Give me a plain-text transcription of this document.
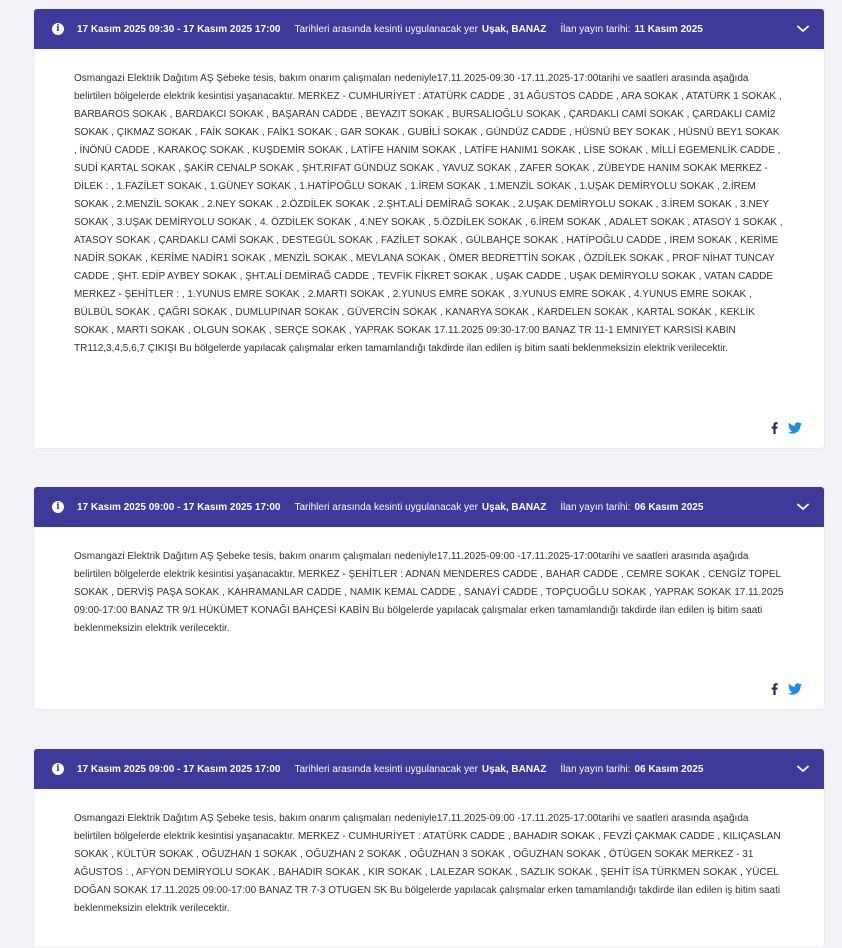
i	17 Kasım 2025 09:30 - 17 Kasım 2025 17:00 Tarihleri arasında kesinti uygulanacak yer Uşak, BANAZ İlan yayın tarihi: 11 Kasım 2025

Osmangazi Elektrik Dağıtım AŞ Şebeke tesis, bakım onarım çalışmaları nedeniyle17.11.2025-09:30 -17.11.2025-17:00tarihi ve saatleri arasında aşağıda belirtilen bölgelerde elektrik kesintisi yaşanacaktır. MERKEZ - CUMHURİYET : ATATÜRK CADDE , 31 AĞUSTOS CADDE , ARA SOKAK , ATATÜRK 1 SOKAK , BARBAROS SOKAK , BARDAKCI SOKAK , BAŞARAN CADDE , BEYAZIT SOKAK , BURSALIOĞLU SOKAK , ÇARDAKLI CAMİ SOKAK , ÇARDAKLI CAMİ2 SOKAK , ÇIKMAZ SOKAK , FAİK SOKAK , FAİK1 SOKAK , GAR SOKAK , GUBİLİ SOKAK , GÜNDÜZ CADDE , HÜSNÜ BEY SOKAK , HÜSNÜ BEY1 SOKAK , İNÖNÜ CADDE , KARAKOÇ SOKAK , KUŞDEMİR SOKAK , LATİFE HANIM SOKAK , LATİFE HANIM1 SOKAK , LİSE SOKAK , MİLLİ EGEMENLİK CADDE , SUDİ KARTAL SOKAK , ŞAKİR CENALP SOKAK , ŞHT.RIFAT GÜNDÜZ SOKAK , YAVUZ SOKAK , ZAFER SOKAK , ZÜBEYDE HANIM SOKAK MERKEZ - DİLEK : , 1.FAZİLET SOKAK , 1.GÜNEY SOKAK , 1.HATİPOĞLU SOKAK , 1.İREM SOKAK , 1.MENZİL SOKAK , 1.UŞAK DEMİRYOLU SOKAK , 2.İREM SOKAK , 2.MENZİL SOKAK , 2.NEY SOKAK , 2.ÖZDİLEK SOKAK , 2.ŞHT.ALİ DEMİRAĞ SOKAK , 2.UŞAK DEMİRYOLU SOKAK , 3.İREM SOKAK , 3.NEY SOKAK , 3.UŞAK DEMİRYOLU SOKAK , 4. ÖZDİLEK SOKAK , 4.NEY SOKAK , 5.ÖZDİLEK SOKAK , 6.İREM SOKAK , ADALET SOKAK , ATASOY 1 SOKAK , ATASOY SOKAK , ÇARDAKLI CAMİ SOKAK , DESTEGÜL SOKAK , FAZİLET SOKAK , GÜLBAHÇE SOKAK , HATİPOĞLU CADDE , İREM SOKAK , KERİME NADİR SOKAK , KERİME NADİR1 SOKAK , MENZİL SOKAK , MEVLANA SOKAK , ÖMER BEDRETTİN SOKAK , ÖZDİLEK SOKAK , PROF NİHAT TUNCAY CADDE , ŞHT. EDİP AYBEY SOKAK , ŞHT.ALİ DEMİRAĞ CADDE , TEVFİK FİKRET SOKAK , UŞAK CADDE , UŞAK DEMİRYOLU SOKAK , VATAN CADDE MERKEZ - ŞEHİTLER : , 1.YUNUS EMRE SOKAK , 2.MARTI SOKAK , 2.YUNUS EMRE SOKAK , 3.YUNUS EMRE SOKAK , 4.YUNUS EMRE SOKAK , BÜLBÜL SOKAK , ÇAĞRI SOKAK , DUMLUPINAR SOKAK , GÜVERCİN SOKAK , KANARYA SOKAK , KARDELEN SOKAK , KARTAL SOKAK , KEKLİK SOKAK , MARTI SOKAK , OLGUN SOKAK , SERÇE SOKAK , YAPRAK SOKAK 17.11.2025 09:30-17:00 BANAZ TR 11-1 EMNIYET KARSISI KABIN TR112,3,4,5,6,7 ÇIKIŞI Bu bölgelerde yapılacak çalışmalar erken tamamlandığı takdirde ilan edilen iş bitim saati beklenmeksizin elektrik verilecektir.

i	17 Kasım 2025 09:00 - 17 Kasım 2025 17:00 Tarihleri arasında kesinti uygulanacak yer Uşak, BANAZ İlan yayın tarihi: 06 Kasım 2025

Osmangazi Elektrik Dağıtım AŞ Şebeke tesis, bakım onarım çalışmaları nedeniyle17.11.2025-09:00 -17.11.2025-17:00tarihi ve saatleri arasında aşağıda belirtilen bölgelerde elektrik kesintisi yaşanacaktır. MERKEZ - ŞEHİTLER : ADNAN MENDERES CADDE , BAHAR CADDE , CEMRE SOKAK , CENGİZ TOPEL SOKAK , DERVİŞ PAŞA SOKAK , KAHRAMANLAR CADDE , NAMIK KEMAL CADDE , SANAYİ CADDE , TOPÇUOĞLU SOKAK , YAPRAK SOKAK 17.11.2025 09:00-17:00 BANAZ TR 9/1 HÜKÜMET KONAĞI BAHÇESİ KABİN Bu bölgelerde yapılacak çalışmalar erken tamamlandığı takdirde ilan edilen iş bitim saati beklenmeksizin elektrik verilecektir.

i	17 Kasım 2025 09:00 - 17 Kasım 2025 17:00 Tarihleri arasında kesinti uygulanacak yer Uşak, BANAZ İlan yayın tarihi: 06 Kasım 2025

Osmangazi Elektrik Dağıtım AŞ Şebeke tesis, bakım onarım çalışmaları nedeniyle17.11.2025-09:00 -17.11.2025-17:00tarihi ve saatleri arasında aşağıda belirtilen bölgelerde elektrik kesintisi yaşanacaktır. MERKEZ - CUMHURİYET : ATATÜRK CADDE , BAHADIR SOKAK , FEVZİ ÇAKMAK CADDE , KILIÇASLAN SOKAK , KÜLTÜR SOKAK , OĞUZHAN 1 SOKAK , OĞUZHAN 2 SOKAK , OĞUZHAN 3 SOKAK , OĞUZHAN SOKAK , ÖTÜGEN SOKAK MERKEZ - 31 AĞUSTOS : , AFYON DEMİRYOLU SOKAK , BAHADIR SOKAK , KIR SOKAK , LALEZAR SOKAK , SAZLIK SOKAK , ŞEHİT İSA TÜRKMEN SOKAK , YÜCEL DOĞAN SOKAK 17.11.2025 09:00-17:00 BANAZ TR 7-3 OTUGEN SK Bu bölgelerde yapılacak çalışmalar erken tamamlandığı takdirde ilan edilen iş bitim saati beklenmeksizin elektrik verilecektir.
